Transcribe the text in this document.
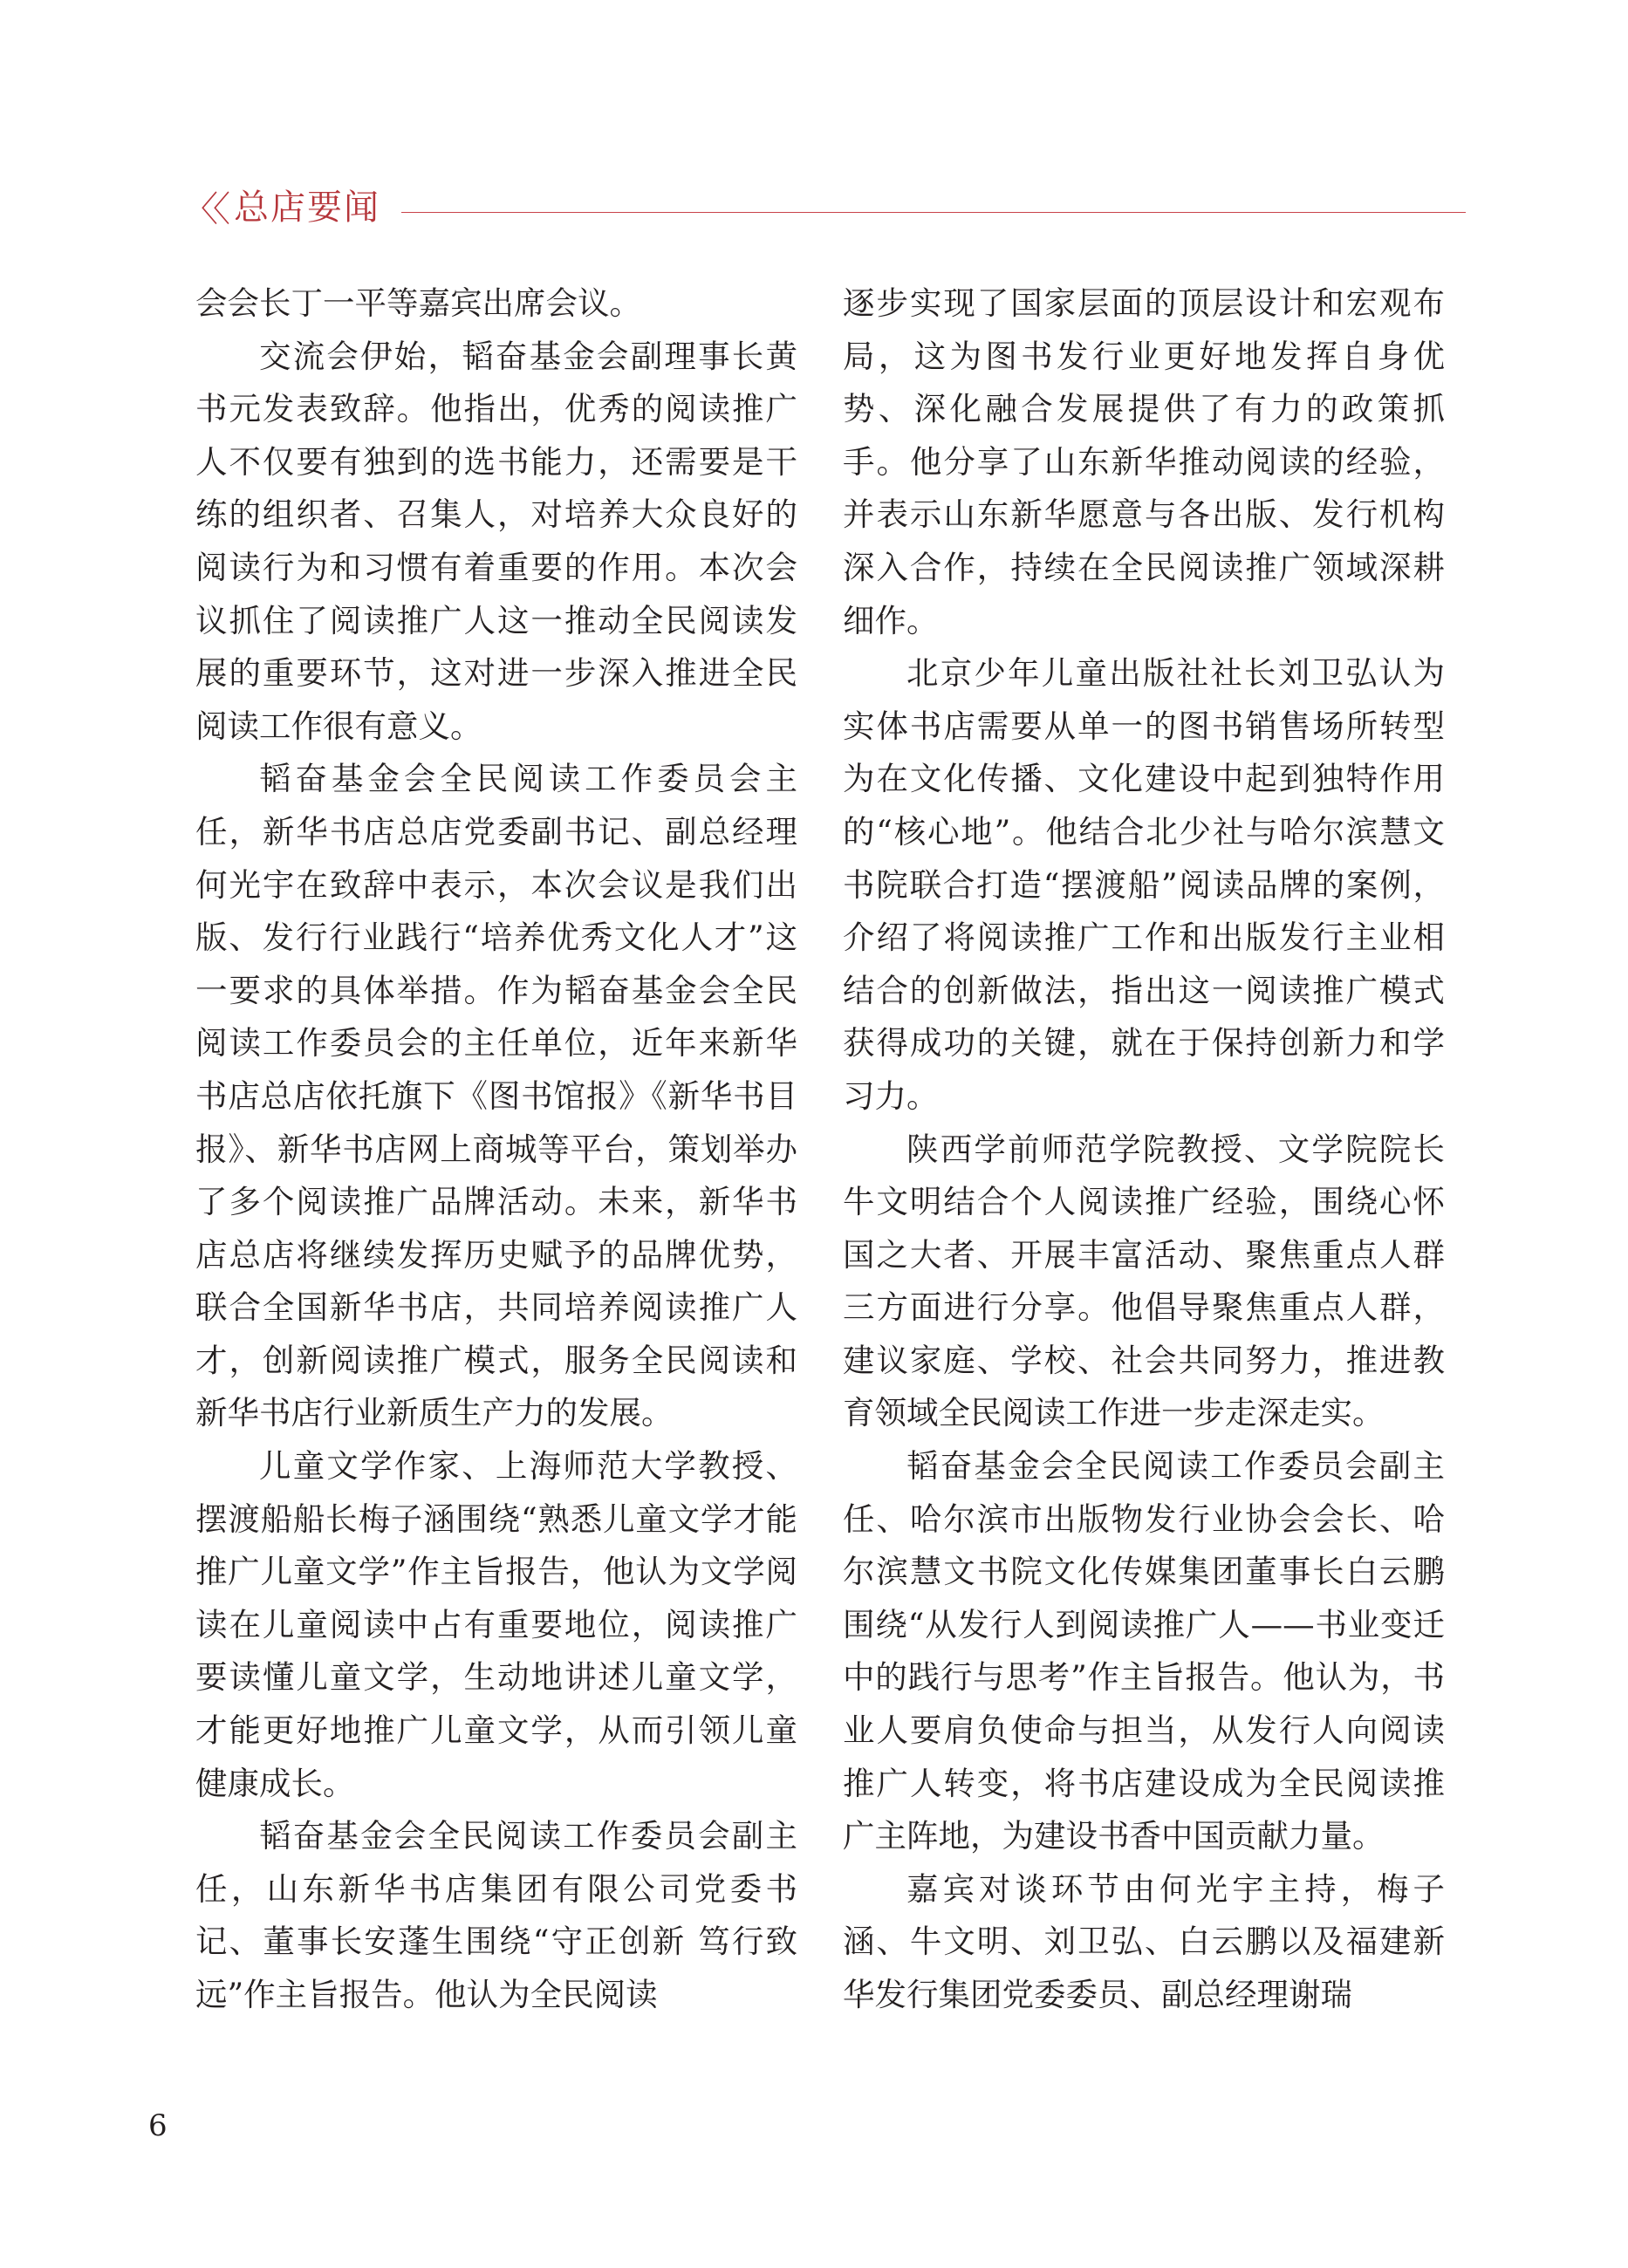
〈〈 总店要闻

会会长丁一平等嘉宾出席会议。

交流会伊始，韬奋基金会副理事长黄书元发表致辞。他指出，优秀的阅读推广人不仅要有独到的选书能力，还需要是干练的组织者、召集人，对培养大众良好的阅读行为和习惯有着重要的作用。本次会议抓住了阅读推广人这一推动全民阅读发展的重要环节，这对进一步深入推进全民阅读工作很有意义。

韬奋基金会全民阅读工作委员会主任，新华书店总店党委副书记、副总经理何光宇在致辞中表示，本次会议是我们出版、发行行业践行“培养优秀文化人才”这一要求的具体举措。作为韬奋基金会全民阅读工作委员会的主任单位，近年来新华书店总店依托旗下《图书馆报》《新华书目报》、新华书店网上商城等平台，策划举办了多个阅读推广品牌活动。未来，新华书店总店将继续发挥历史赋予的品牌优势，联合全国新华书店，共同培养阅读推广人才，创新阅读推广模式，服务全民阅读和新华书店行业新质生产力的发展。

儿童文学作家、上海师范大学教授、摆渡船船长梅子涵围绕“熟悉儿童文学才能推广儿童文学”作主旨报告，他认为文学阅读在儿童阅读中占有重要地位，阅读推广要读懂儿童文学，生动地讲述儿童文学，才能更好地推广儿童文学，从而引领儿童健康成长。

韬奋基金会全民阅读工作委员会副主任，山东新华书店集团有限公司党委书记、董事长安蓬生围绕“守正创新 笃行致远”作主旨报告。他认为全民阅读

逐步实现了国家层面的顶层设计和宏观布局，这为图书发行业更好地发挥自身优势、深化融合发展提供了有力的政策抓手。他分享了山东新华推动阅读的经验，并表示山东新华愿意与各出版、发行机构深入合作，持续在全民阅读推广领域深耕细作。

北京少年儿童出版社社长刘卫弘认为实体书店需要从单一的图书销售场所转型为在文化传播、文化建设中起到独特作用的“核心地”。他结合北少社与哈尔滨慧文书院联合打造“摆渡船”阅读品牌的案例，介绍了将阅读推广工作和出版发行主业相结合的创新做法，指出这一阅读推广模式获得成功的关键，就在于保持创新力和学习力。

陕西学前师范学院教授、文学院院长牛文明结合个人阅读推广经验，围绕心怀国之大者、开展丰富活动、聚焦重点人群三方面进行分享。他倡导聚焦重点人群，建议家庭、学校、社会共同努力，推进教育领域全民阅读工作进一步走深走实。

韬奋基金会全民阅读工作委员会副主任、哈尔滨市出版物发行业协会会长、哈尔滨慧文书院文化传媒集团董事长白云鹏围绕“从发行人到阅读推广人——书业变迁中的践行与思考”作主旨报告。他认为，书业人要肩负使命与担当，从发行人向阅读推广人转变，将书店建设成为全民阅读推广主阵地，为建设书香中国贡献力量。

嘉宾对谈环节由何光宇主持，梅子涵、牛文明、刘卫弘、白云鹏以及福建新华发行集团党委委员、副总经理谢瑞

6
